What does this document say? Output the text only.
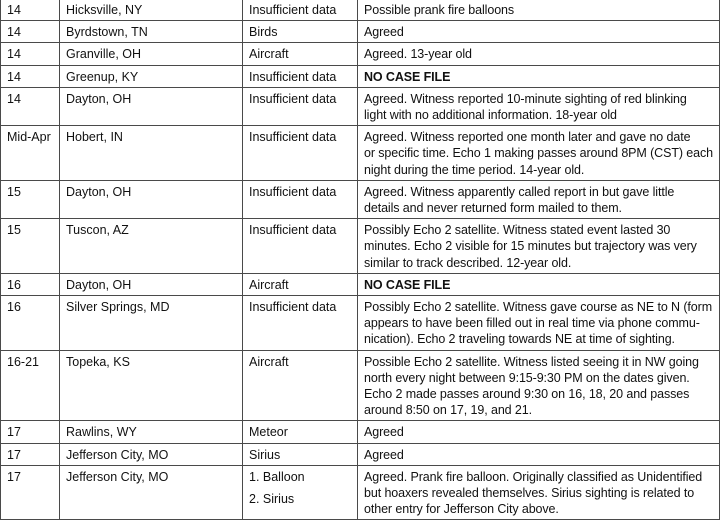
14	Hicksville, NY	Insufficient data	Possible prank fire balloons
14	Byrdstown, TN	Birds	Agreed
14	Granville, OH	Aircraft	Agreed. 13-year old
14	Greenup, KY	Insufficient data	NO CASE FILE
14	Dayton, OH	Insufficient data	Agreed. Witness reported 10-minute sighting of red blinking
light with no additional information. 18-year old
Mid-Apr	Hobert, IN	Insufficient data	Agreed. Witness reported one month later and gave no date
or specific time. Echo 1 making passes around 8PM (CST) each
night during the time period. 14-year old.
15	Dayton, OH	Insufficient data	Agreed. Witness apparently called report in but gave little
details and never returned form mailed to them.
15	Tuscon, AZ	Insufficient data	Possibly Echo 2 satellite. Witness stated event lasted 30
minutes. Echo 2 visible for 15 minutes but trajectory was very
similar to track described. 12-year old.
16	Dayton, OH	Aircraft	NO CASE FILE
16	Silver Springs, MD	Insufficient data	Possibly Echo 2 satellite. Witness gave course as NE to N (form
appears to have been filled out in real time via phone commu-
nication). Echo 2 traveling towards NE at time of sighting.
16-21	Topeka, KS	Aircraft	Possible Echo 2 satellite. Witness listed seeing it in NW going
north every night between 9:15-9:30 PM on the dates given.
Echo 2 made passes around 9:30 on 16, 18, 20 and passes
around 8:50 on 17, 19, and 21.
17	Rawlins, WY	Meteor	Agreed
17	Jefferson City, MO	Sirius	Agreed
17	Jefferson City, MO	1. Balloon
2. Sirius	Agreed. Prank fire balloon. Originally classified as Unidentified
but hoaxers revealed themselves. Sirius sighting is related to
other entry for Jefferson City above.
